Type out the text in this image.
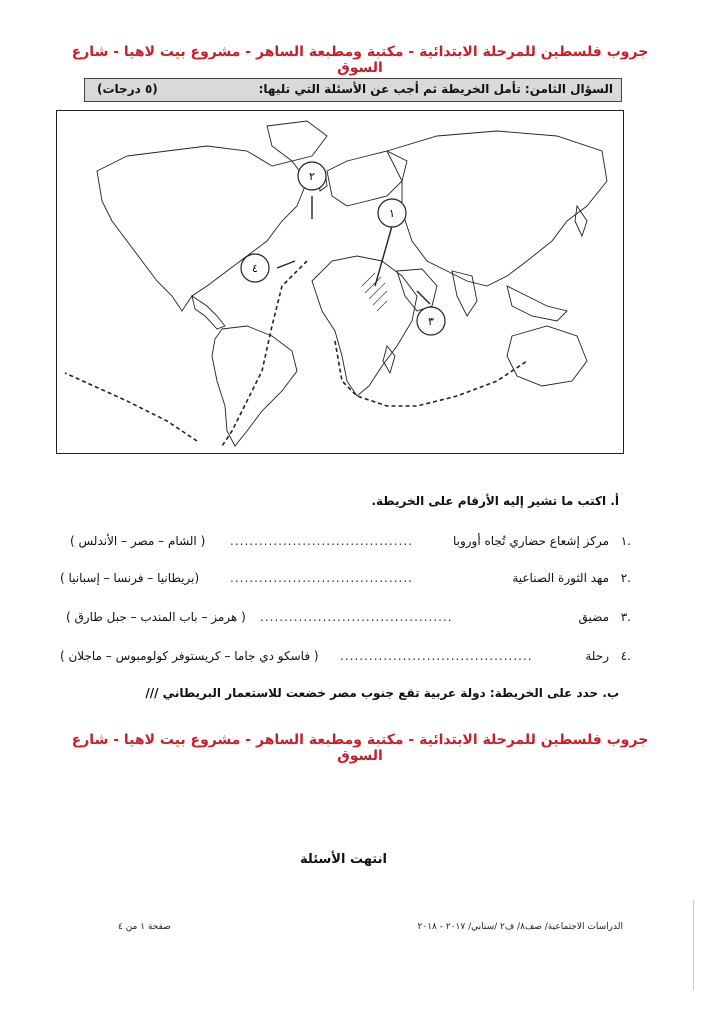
جروب فلسطين للمرحلة الابتدائية - مكتبة ومطبعة الساهر - مشروع بيت لاهيا - شارع السوق
السؤال الثامن: تأمل الخريطة ثم أجب عن الأسئلة التي تليها:
(٥ درجات)
١
٢
٣
٤
أ. اكتب ما تشير إليه الأرقام على الخريطة.
١.
مركز إشعاع حضاري تُجاه أوروبا
......................................
( الشام – مصر – الأندلس )
٢.
مهد الثورة الصناعية
......................................
(بريطانيا – فرنسا – إسبانيا )
٣.
مضيق
........................................
( هرمز – باب المندب – جبل طارق )
٤.
رحلة
........................................
( فاسكو دي جاما – كريستوفر كولومبوس – ماجلان )
ب. حدد على الخريطة: دولة عربية تقع جنوب مصر خضعت للاستعمار البريطاني ///
جروب فلسطين للمرحلة الابتدائية - مكتبة ومطبعة الساهر - مشروع بيت لاهيا - شارع السوق
انتهت الأسئلة
صفحة ١ من ٤	الدراسات الاجتماعية/ صف٨/ ف٢ /سنابي/ ٢٠١٧ - ٢٠١٨
